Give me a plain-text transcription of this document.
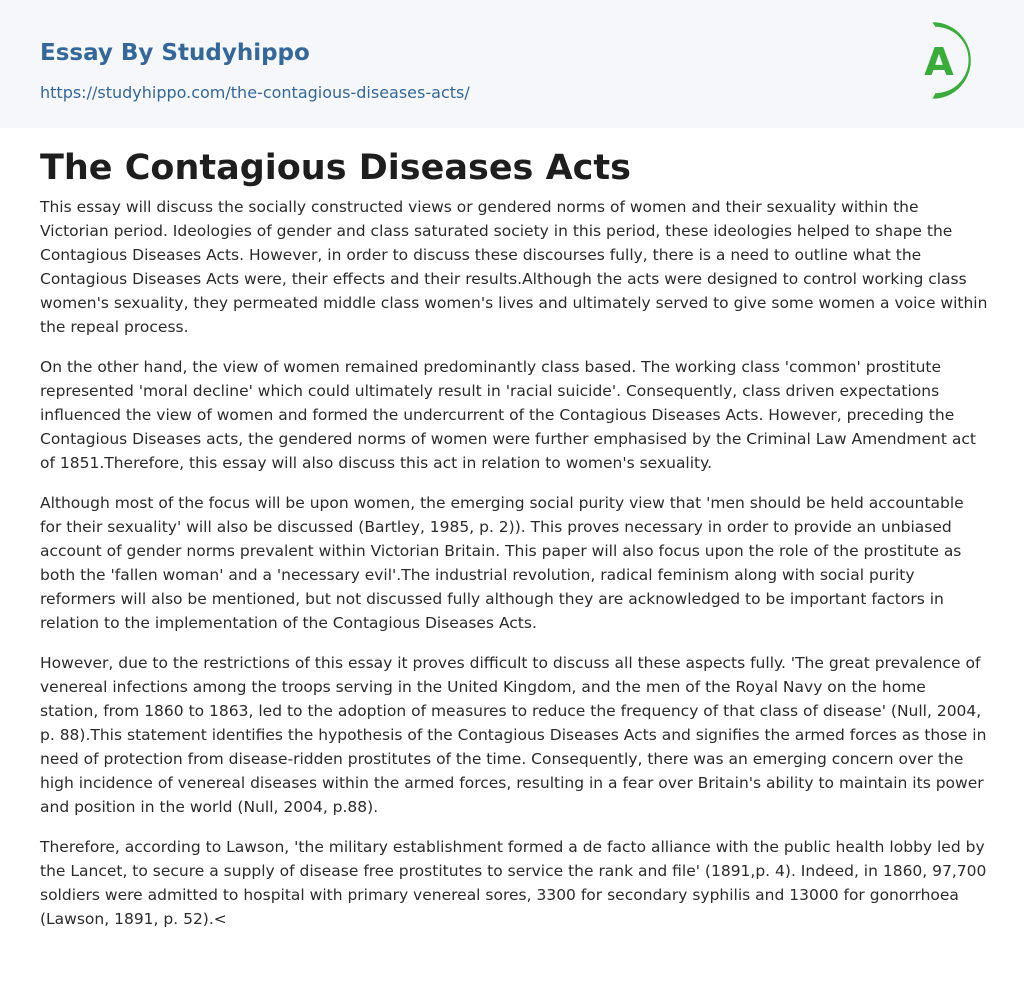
Essay By Studyhippo
https://studyhippo.com/the-contagious-diseases-acts/
A
The Contagious Diseases Acts

This essay will discuss the socially constructed views or gendered norms of women and their sexuality within the Victorian period. Ideologies of gender and class saturated society in this period, these ideologies helped to shape the Contagious Diseases Acts. However, in order to discuss these discourses fully, there is a need to outline what the Contagious Diseases Acts were, their effects and their results.Although the acts were designed to control working class women's sexuality, they permeated middle class women's lives and ultimately served to give some women a voice within the repeal process.

On the other hand, the view of women remained predominantly class based. The working class 'common' prostitute represented 'moral decline' which could ultimately result in 'racial suicide'. Consequently, class driven expectations influenced the view of women and formed the undercurrent of the Contagious Diseases Acts. However, preceding the Contagious Diseases acts, the gendered norms of women were further emphasised by the Criminal Law Amendment act of 1851.Therefore, this essay will also discuss this act in relation to women's sexuality.

Although most of the focus will be upon women, the emerging social purity view that 'men should be held accountable for their sexuality' will also be discussed (Bartley, 1985, p. 2)). This proves necessary in order to provide an unbiased account of gender norms prevalent within Victorian Britain. This paper will also focus upon the role of the prostitute as both the 'fallen woman' and a 'necessary evil'.The industrial revolution, radical feminism along with social purity reformers will also be mentioned, but not discussed fully although they are acknowledged to be important factors in relation to the implementation of the Contagious Diseases Acts.

However, due to the restrictions of this essay it proves difficult to discuss all these aspects fully. 'The great prevalence of venereal infections among the troops serving in the United Kingdom, and the men of the Royal Navy on the home station, from 1860 to 1863, led to the adoption of measures to reduce the frequency of that class of disease' (Null, 2004, p. 88).This statement identifies the hypothesis of the Contagious Diseases Acts and signifies the armed forces as those in need of protection from disease-ridden prostitutes of the time. Consequently, there was an emerging concern over the high incidence of venereal diseases within the armed forces, resulting in a fear over Britain's ability to maintain its power and position in the world (Null, 2004, p.88).

Therefore, according to Lawson, 'the military establishment formed a de facto alliance with the public health lobby led by the Lancet, to secure a supply of disease free prostitutes to service the rank and file' (1891,p. 4). Indeed, in 1860, 97,700 soldiers were admitted to hospital with primary venereal sores, 3300 for secondary syphilis and 13000 for gonorrhoea (Lawson, 1891, p. 52).<
